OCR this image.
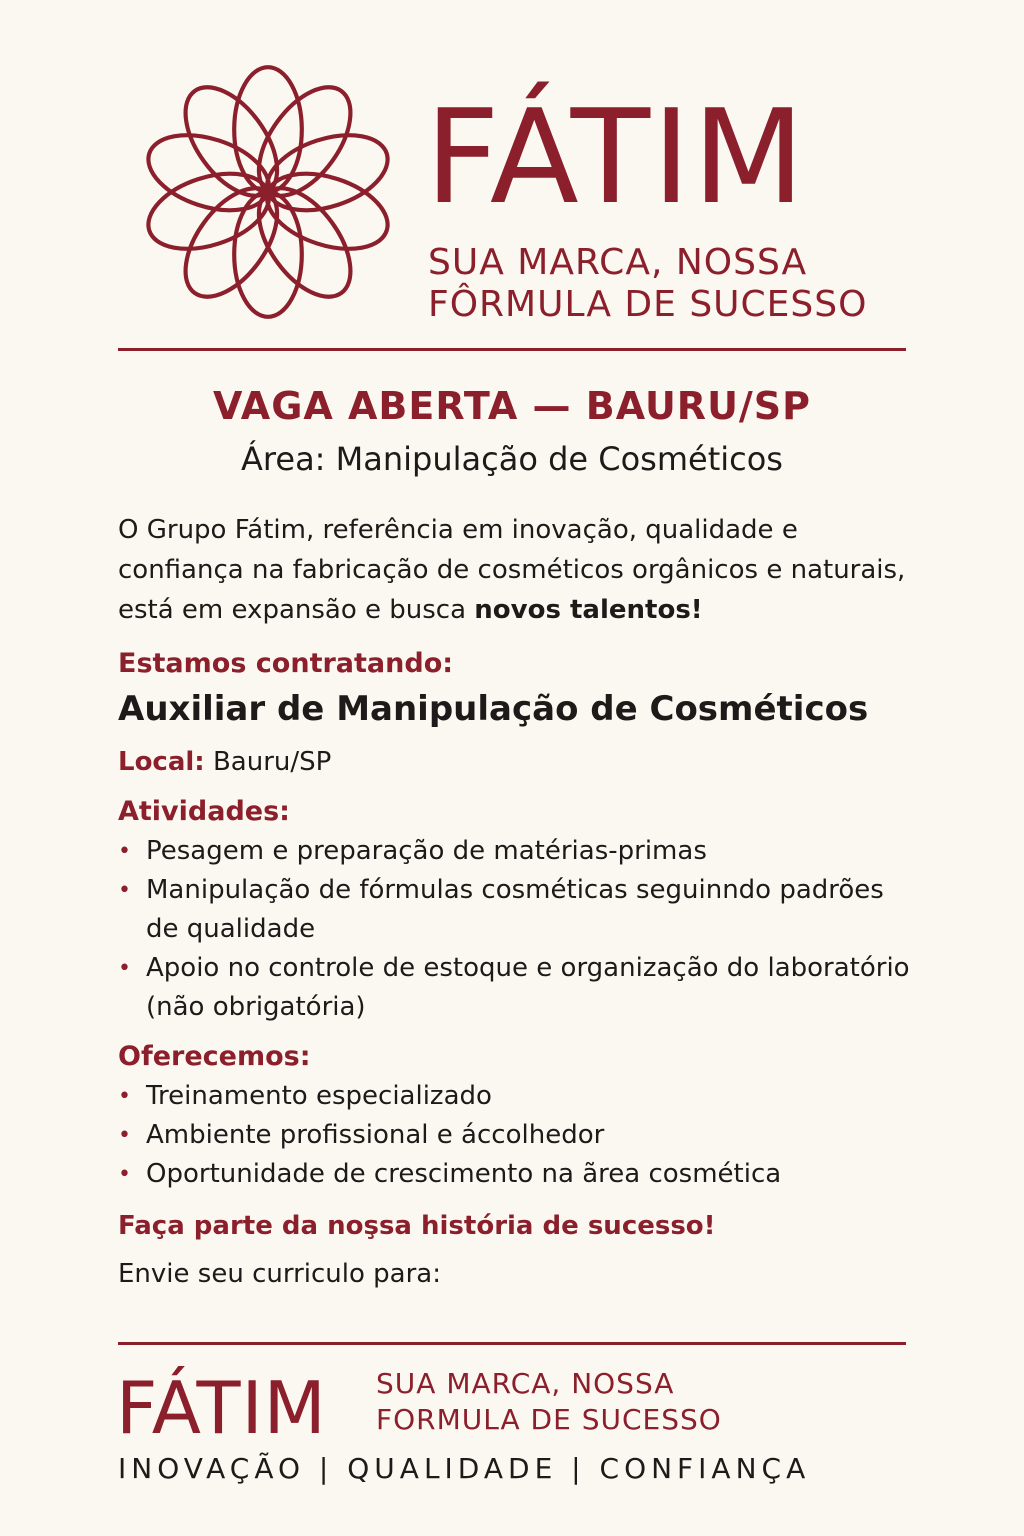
FÁTIM
SUA MARCA, NOSSA
FÔRMULA DE SUCESSO
VAGA ABERTA — BAURU/SP
Área: Manipulação de Cosméticos

O Grupo Fátim, referência em inovação, qualidade e confiança na fabricação de cosméticos orgânicos e naturais, está em expansão e busca novos talentos!

Estamos contratando:
Auxiliar de Manipulação de Cosméticos
Local: Bauru/SP
Atividades:
• Pesagem e preparação de matérias-primas
• Manipulação de fórmulas cosméticas seguinndo padrões de qualidade
• Apoio no controle de estoque e organização do laboratório (não obrigatória)
Oferecemos:
• Treinamento especializado
• Ambiente profissional e áccolhedor
• Oportunidade de crescimento na ãrea cosmética
Faça parte da noşsa história de sucesso!
Envie seu curriculo para:
FÁTIM SUA MARCA, NOSSA
FORMULA DE SUCESSO
INOVAÇÃO | QUALIDADE | CONFIANÇA
